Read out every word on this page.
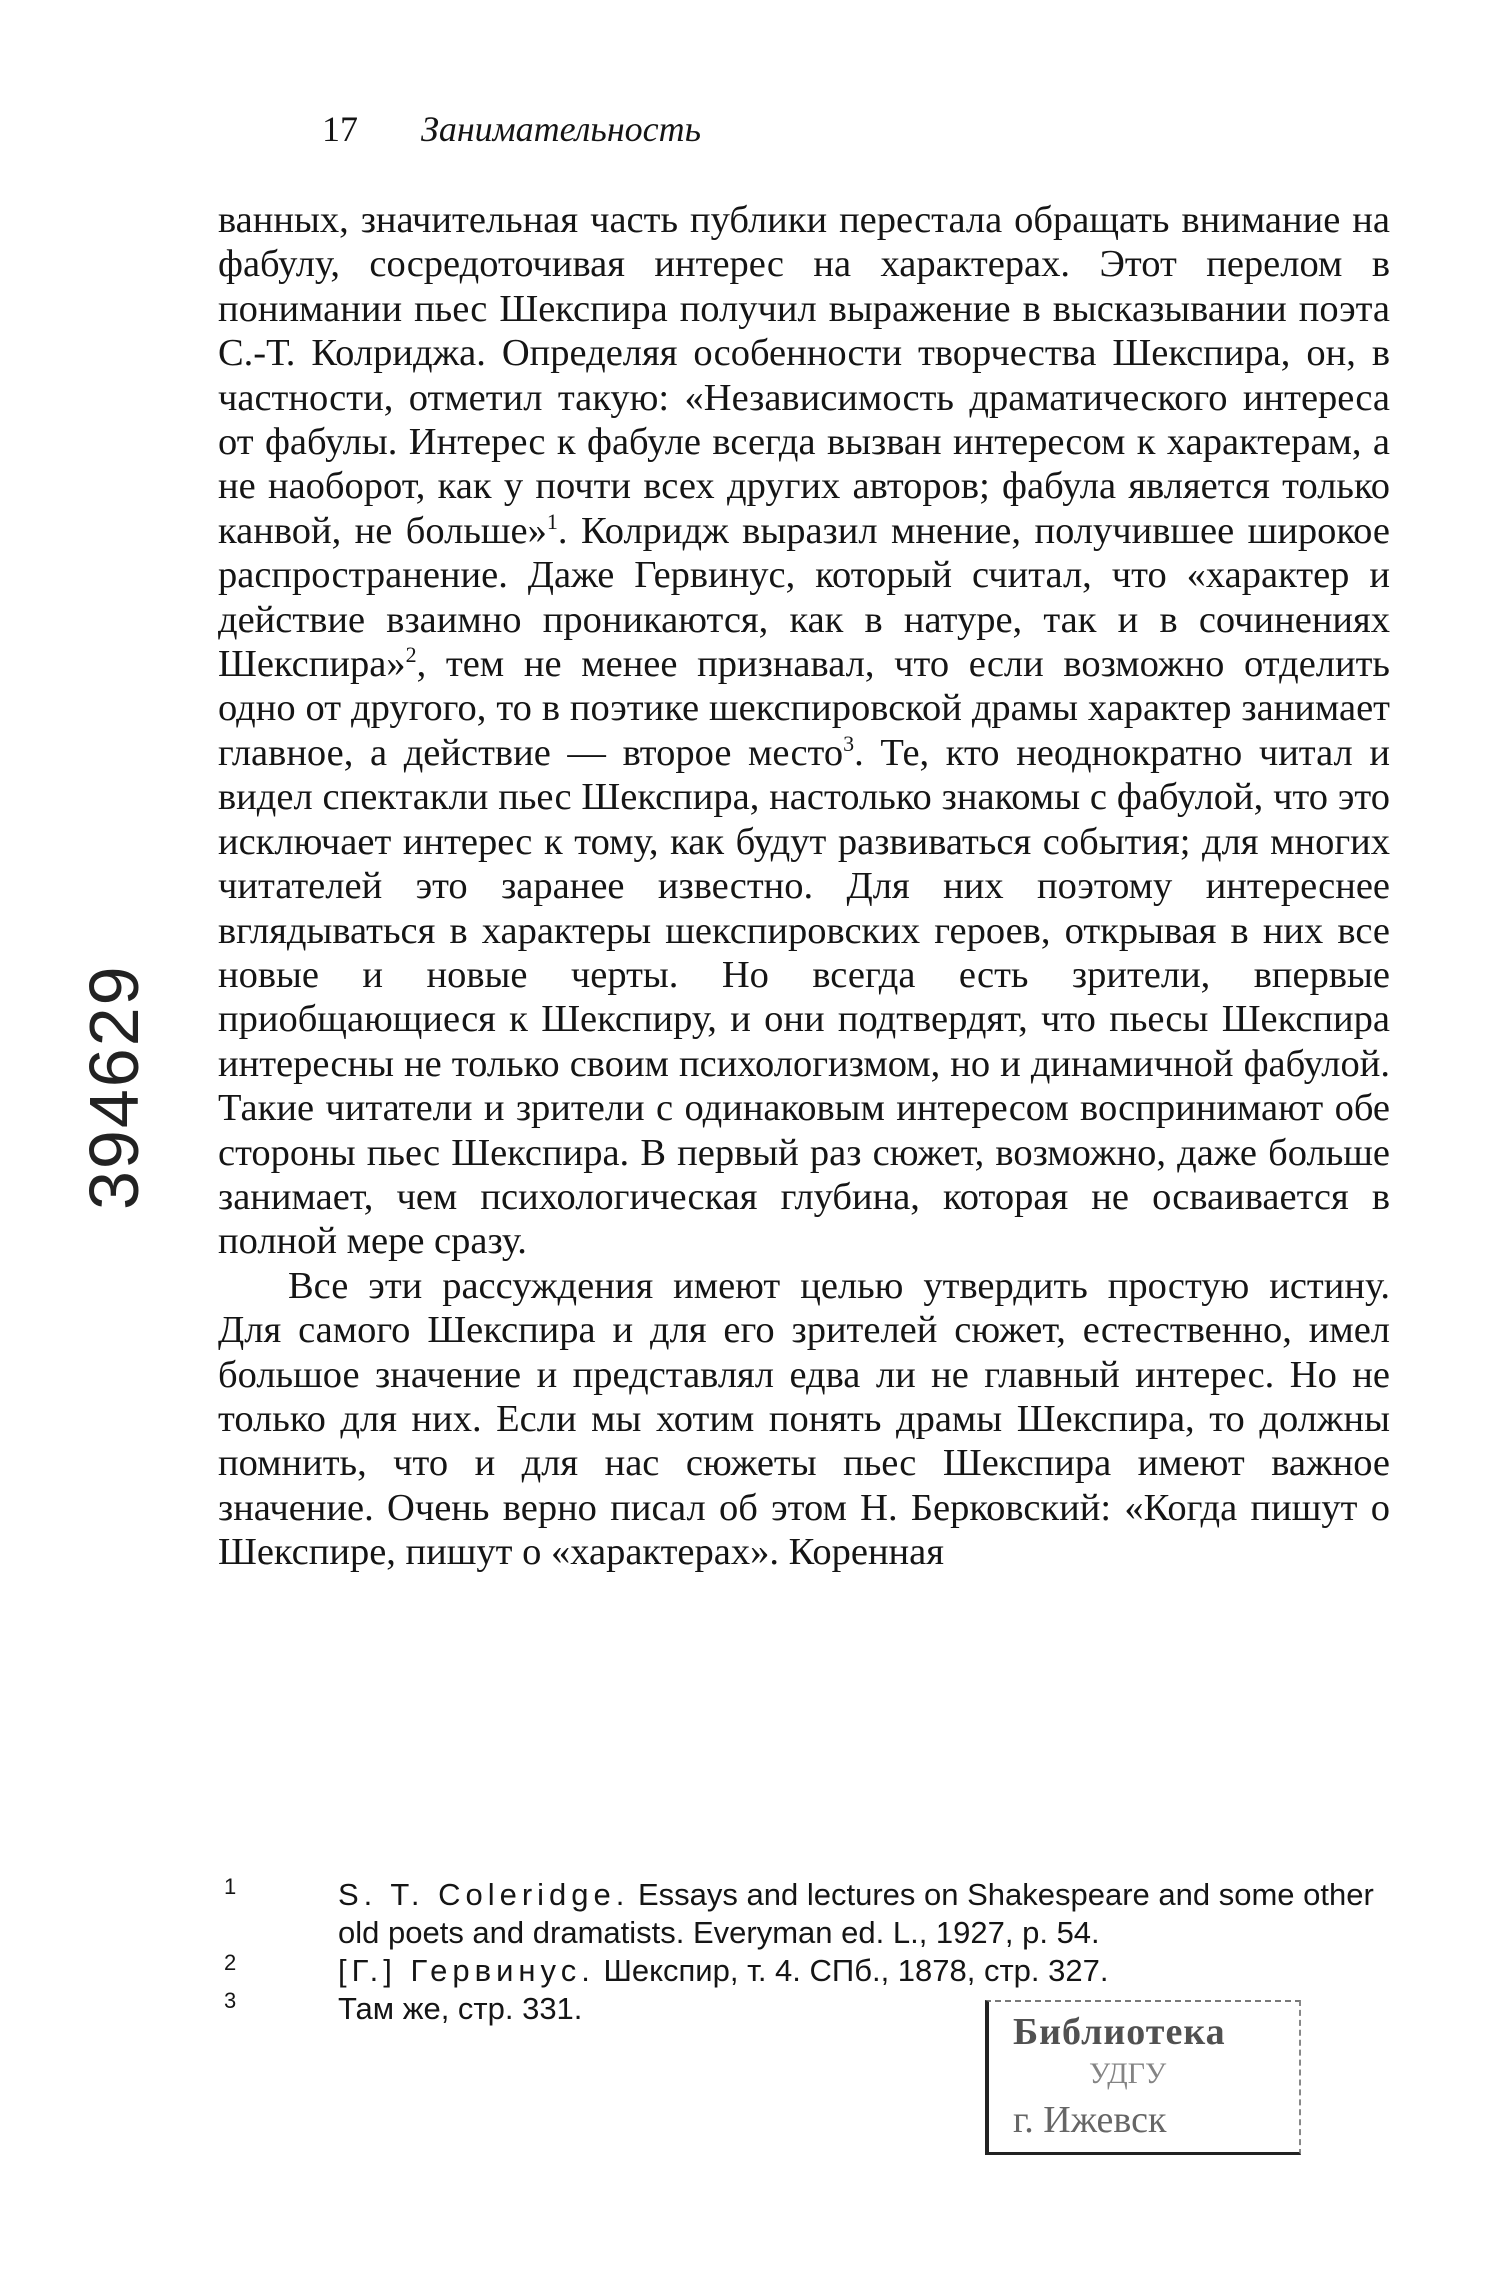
17 Занимательность
394629

ванных, значительная часть публики перестала обращать внимание на фабулу, сосредоточивая интерес на характерах. Этот перелом в понимании пьес Шекспира получил выражение в высказывании поэта С.-Т. Колриджа. Определяя особенности творчества Шекспира, он, в частности, отметил такую: «Независимость драматического интереса от фабулы. Интерес к фабуле всегда вызван интересом к характерам, а не наоборот, как у почти всех других авторов; фабула является только канвой, не больше»$^1$. Колридж выразил мнение, получившее широкое распространение. Даже Гервинус, который считал, что «характер и действие взаимно проникаются, как в натуре, так и в сочинениях Шекспира»$^2$, тем не менее признавал, что если возможно отделить одно от другого, то в поэтике шекспировской драмы характер занимает главное, а действие — второе место$^3$. Те, кто неоднократно читал и видел спектакли пьес Шекспира, настолько знакомы с фабулой, что это исключает интерес к тому, как будут развиваться события; для многих читателей это заранее известно. Для них поэтому интереснее вглядываться в характеры шекспировских героев, открывая в них все новые и новые черты. Но всегда есть зрители, впервые приобщающиеся к Шекспиру, и они подтвердят, что пьесы Шекспира интересны не только своим психологизмом, но и динамичной фабулой. Такие читатели и зрители с одинаковым интересом воспринимают обе стороны пьес Шекспира. В первый раз сюжет, возможно, даже больше занимает, чем психологическая глубина, которая не осваивается в полной мере сразу.

Все эти рассуждения имеют целью утвердить простую истину. Для самого Шекспира и для его зрителей сюжет, естественно, имел большое значение и представлял едва ли не главный интерес. Но не только для них. Если мы хотим понять драмы Шекспира, то должны помнить, что и для нас сюжеты пьес Шекспира имеют важное значение. Очень верно писал об этом Н. Берковский: «Когда пишут о Шекспире, пишут о «характерах». Коренная

1	S. T. Coleridge. Essays and lectures on Shakespeare and some other old poets and dramatists. Everyman ed. L., 1927, p. 54.

2	[Г.] Гервинус. Шекспир, т. 4. СПб., 1878, стр. 327.

3	Там же, стр. 331.

Библиотека
УДГУ
г. Ижевск
